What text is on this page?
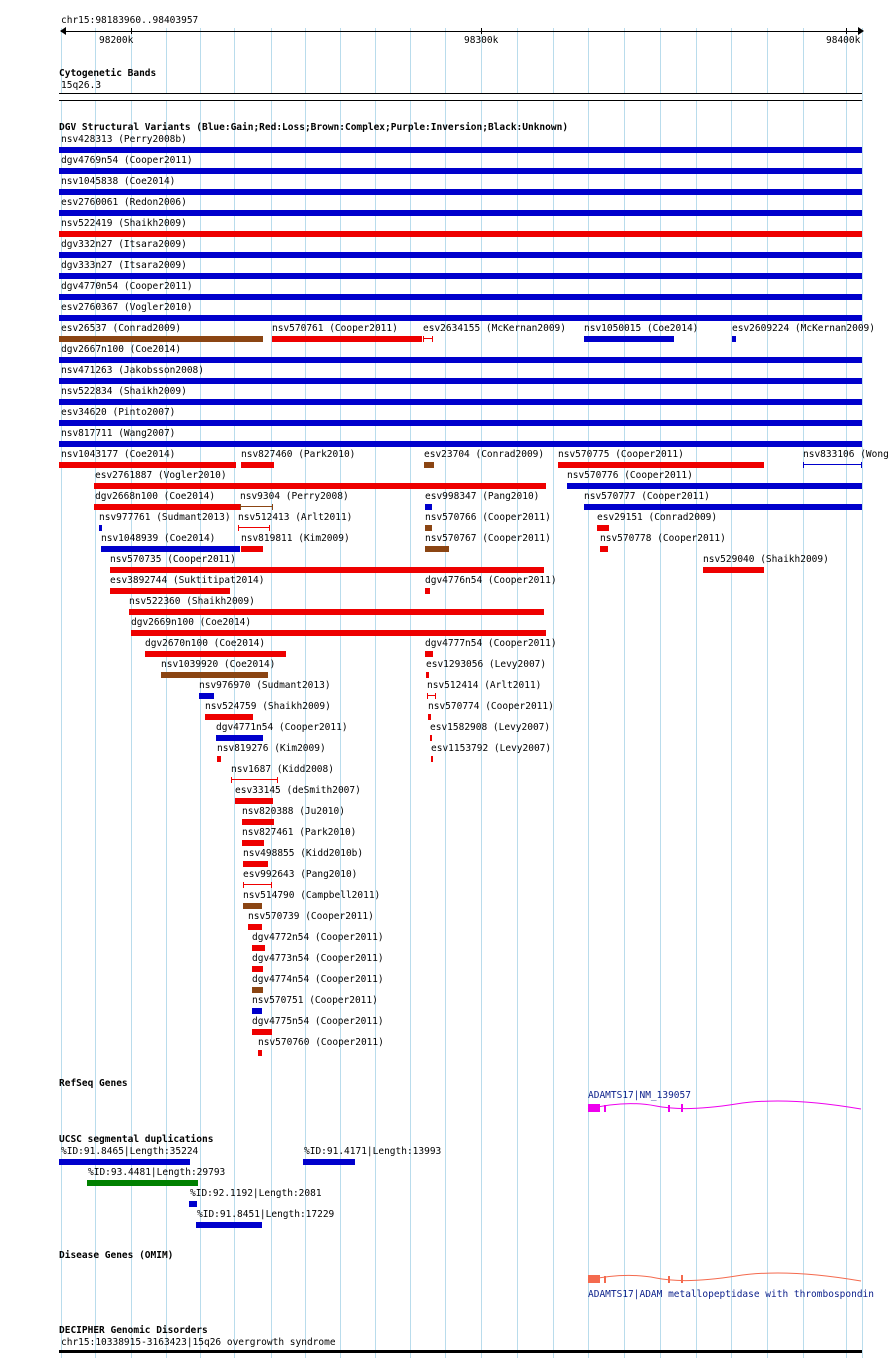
chr15:98183960..98403957
98200k	98300k	98400k
Cytogenetic Bands
15q26.3
DGV Structural Variants (Blue:Gain;Red:Loss;Brown:Complex;Purple:Inversion;Black:Unknown)
nsv428313 (Perry2008b)
dgv4769n54 (Cooper2011)
nsv1045838 (Coe2014)
esv2760061 (Redon2006)
nsv522419 (Shaikh2009)
dgv332n27 (Itsara2009)
dgv333n27 (Itsara2009)
dgv4770n54 (Cooper2011)
esv2760367 (Vogler2010)
esv26537 (Conrad2009)	nsv570761 (Cooper2011)	esv2634155 (McKernan2009) nsv1050015 (Coe2014)	esv2609224 (McKernan2009)
dgv2667n100 (Coe2014)
nsv471263 (Jakobsson2008)
nsv522834 (Shaikh2009)
esv34620 (Pinto2007)
nsv817711 (Wang2007)
nsv1043177 (Coe2014)	nsv827460 (Park2010)	esv23704 (Conrad2009) nsv570775 (Cooper2011)	nsv833106 (Wong
esv2761887 (Vogler2010)	nsv570776 (Cooper2011)
dgv2668n100 (Coe2014)	nsv9304 (Perry2008)	esv998347 (Pang2010)	nsv570777 (Cooper2011)
nsv977761 (Sudmant2013) nsv512413 (Arlt2011)	nsv570766 (Cooper2011)	esv29151 (Conrad2009)
nsv1048939 (Coe2014)	nsv819811 (Kim2009)	nsv570767 (Cooper2011)	nsv570778 (Cooper2011)
nsv570735 (Cooper2011)	nsv529040 (Shaikh2009)
esv3892744 (Suktitipat2014)	dgv4776n54 (Cooper2011)
nsv522360 (Shaikh2009)
dgv2669n100 (Coe2014)
dgv2670n100 (Coe2014)	dgv4777n54 (Cooper2011)
nsv1039920 (Coe2014)	esv1293056 (Levy2007)
nsv976970 (Sudmant2013)	nsv512414 (Arlt2011)
nsv524759 (Shaikh2009)	nsv570774 (Cooper2011)
dgv4771n54 (Cooper2011)	esv1582908 (Levy2007)
nsv819276 (Kim2009)	esv1153792 (Levy2007)
nsv1687 (Kidd2008)
esv33145 (deSmith2007)
nsv820388 (Ju2010)
nsv827461 (Park2010)
nsv498855 (Kidd2010b)
esv992643 (Pang2010)
nsv514790 (Campbell2011)
nsv570739 (Cooper2011)
dgv4772n54 (Cooper2011)
dgv4773n54 (Cooper2011)
dgv4774n54 (Cooper2011)
nsv570751 (Cooper2011)
dgv4775n54 (Cooper2011)
nsv570760 (Cooper2011)
RefSeq Genes
ADAMTS17|NM_139057
UCSC segmental duplications
%ID:91.8465|Length:35224	%ID:91.4171|Length:13993
%ID:93.4481|Length:29793
%ID:92.1192|Length:2081
%ID:91.8451|Length:17229
Disease Genes (OMIM)
ADAMTS17|ADAM metallopeptidase with thrombospondin
DECIPHER Genomic Disorders
chr15:10338915-3163423|15q26 overgrowth syndrome
